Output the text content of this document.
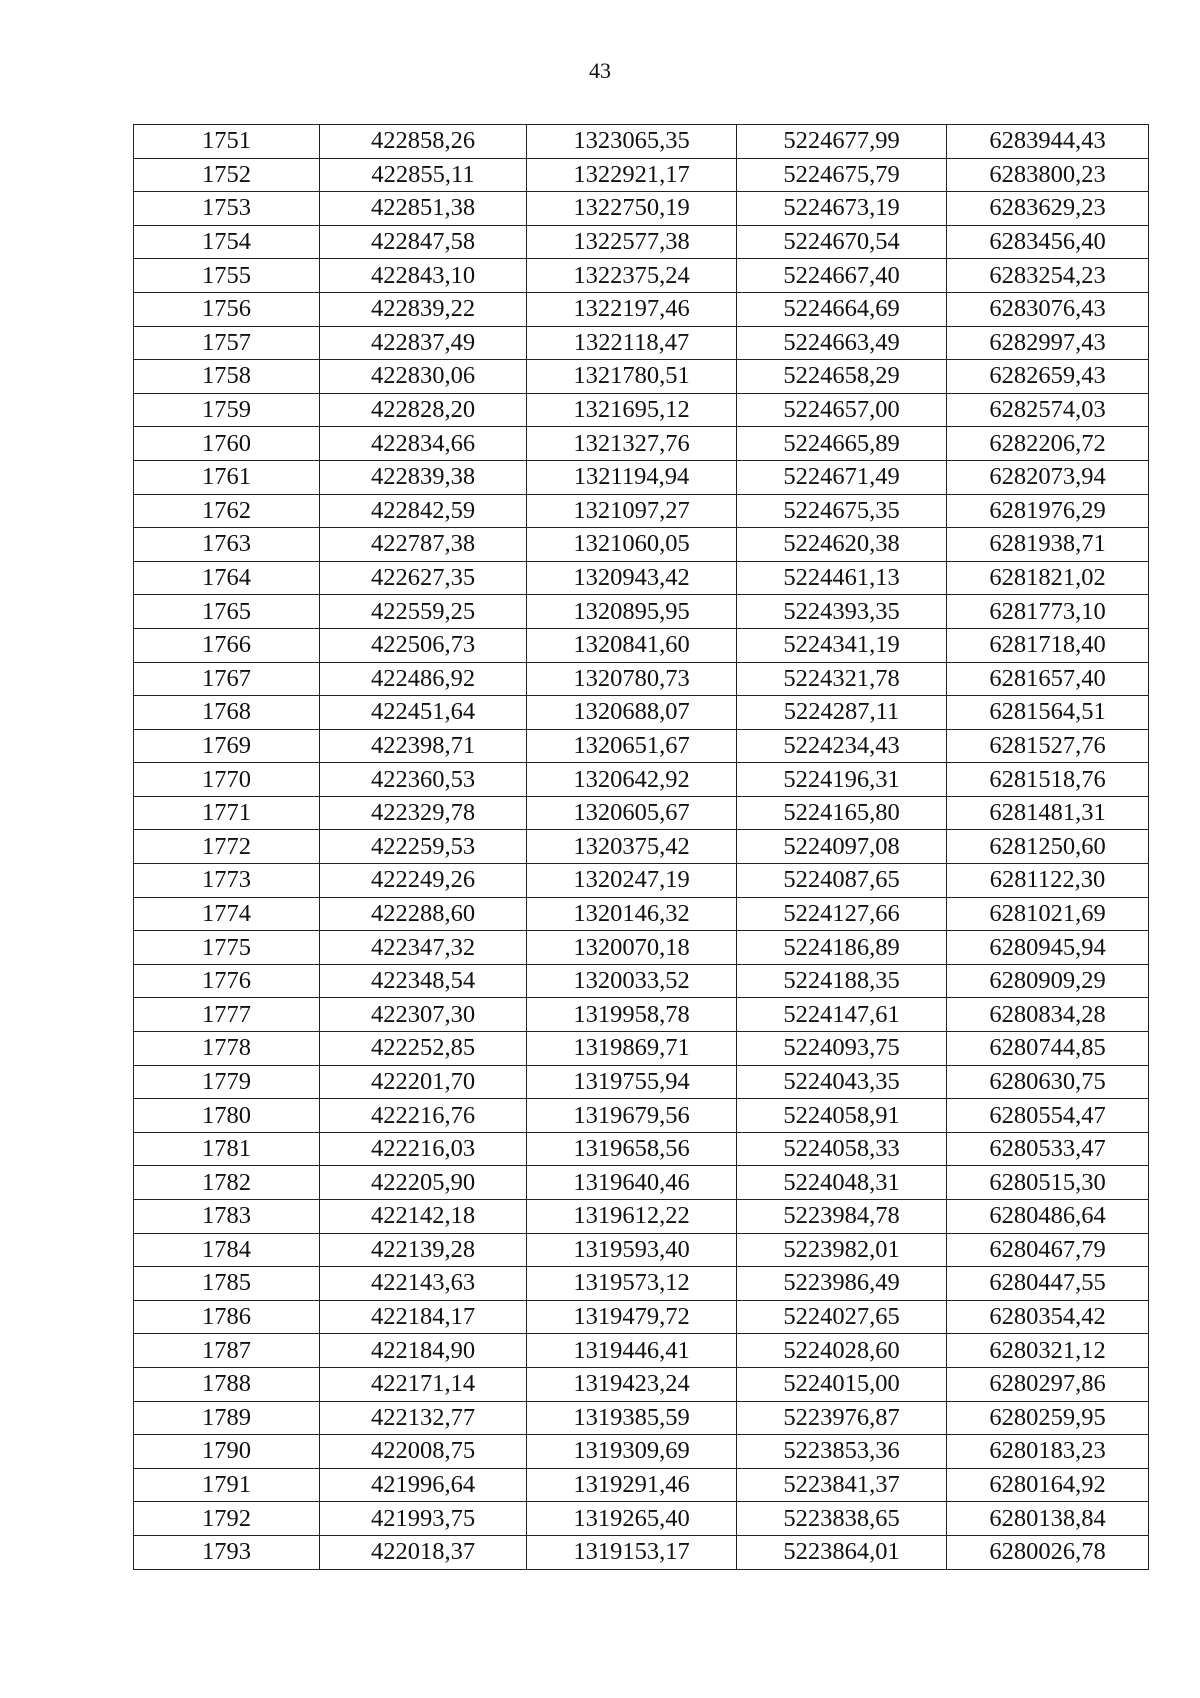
43
1751	422858,26	1323065,35	5224677,99	6283944,43
1752	422855,11	1322921,17	5224675,79	6283800,23
1753	422851,38	1322750,19	5224673,19	6283629,23
1754	422847,58	1322577,38	5224670,54	6283456,40
1755	422843,10	1322375,24	5224667,40	6283254,23
1756	422839,22	1322197,46	5224664,69	6283076,43
1757	422837,49	1322118,47	5224663,49	6282997,43
1758	422830,06	1321780,51	5224658,29	6282659,43
1759	422828,20	1321695,12	5224657,00	6282574,03
1760	422834,66	1321327,76	5224665,89	6282206,72
1761	422839,38	1321194,94	5224671,49	6282073,94
1762	422842,59	1321097,27	5224675,35	6281976,29
1763	422787,38	1321060,05	5224620,38	6281938,71
1764	422627,35	1320943,42	5224461,13	6281821,02
1765	422559,25	1320895,95	5224393,35	6281773,10
1766	422506,73	1320841,60	5224341,19	6281718,40
1767	422486,92	1320780,73	5224321,78	6281657,40
1768	422451,64	1320688,07	5224287,11	6281564,51
1769	422398,71	1320651,67	5224234,43	6281527,76
1770	422360,53	1320642,92	5224196,31	6281518,76
1771	422329,78	1320605,67	5224165,80	6281481,31
1772	422259,53	1320375,42	5224097,08	6281250,60
1773	422249,26	1320247,19	5224087,65	6281122,30
1774	422288,60	1320146,32	5224127,66	6281021,69
1775	422347,32	1320070,18	5224186,89	6280945,94
1776	422348,54	1320033,52	5224188,35	6280909,29
1777	422307,30	1319958,78	5224147,61	6280834,28
1778	422252,85	1319869,71	5224093,75	6280744,85
1779	422201,70	1319755,94	5224043,35	6280630,75
1780	422216,76	1319679,56	5224058,91	6280554,47
1781	422216,03	1319658,56	5224058,33	6280533,47
1782	422205,90	1319640,46	5224048,31	6280515,30
1783	422142,18	1319612,22	5223984,78	6280486,64
1784	422139,28	1319593,40	5223982,01	6280467,79
1785	422143,63	1319573,12	5223986,49	6280447,55
1786	422184,17	1319479,72	5224027,65	6280354,42
1787	422184,90	1319446,41	5224028,60	6280321,12
1788	422171,14	1319423,24	5224015,00	6280297,86
1789	422132,77	1319385,59	5223976,87	6280259,95
1790	422008,75	1319309,69	5223853,36	6280183,23
1791	421996,64	1319291,46	5223841,37	6280164,92
1792	421993,75	1319265,40	5223838,65	6280138,84
1793	422018,37	1319153,17	5223864,01	6280026,78
